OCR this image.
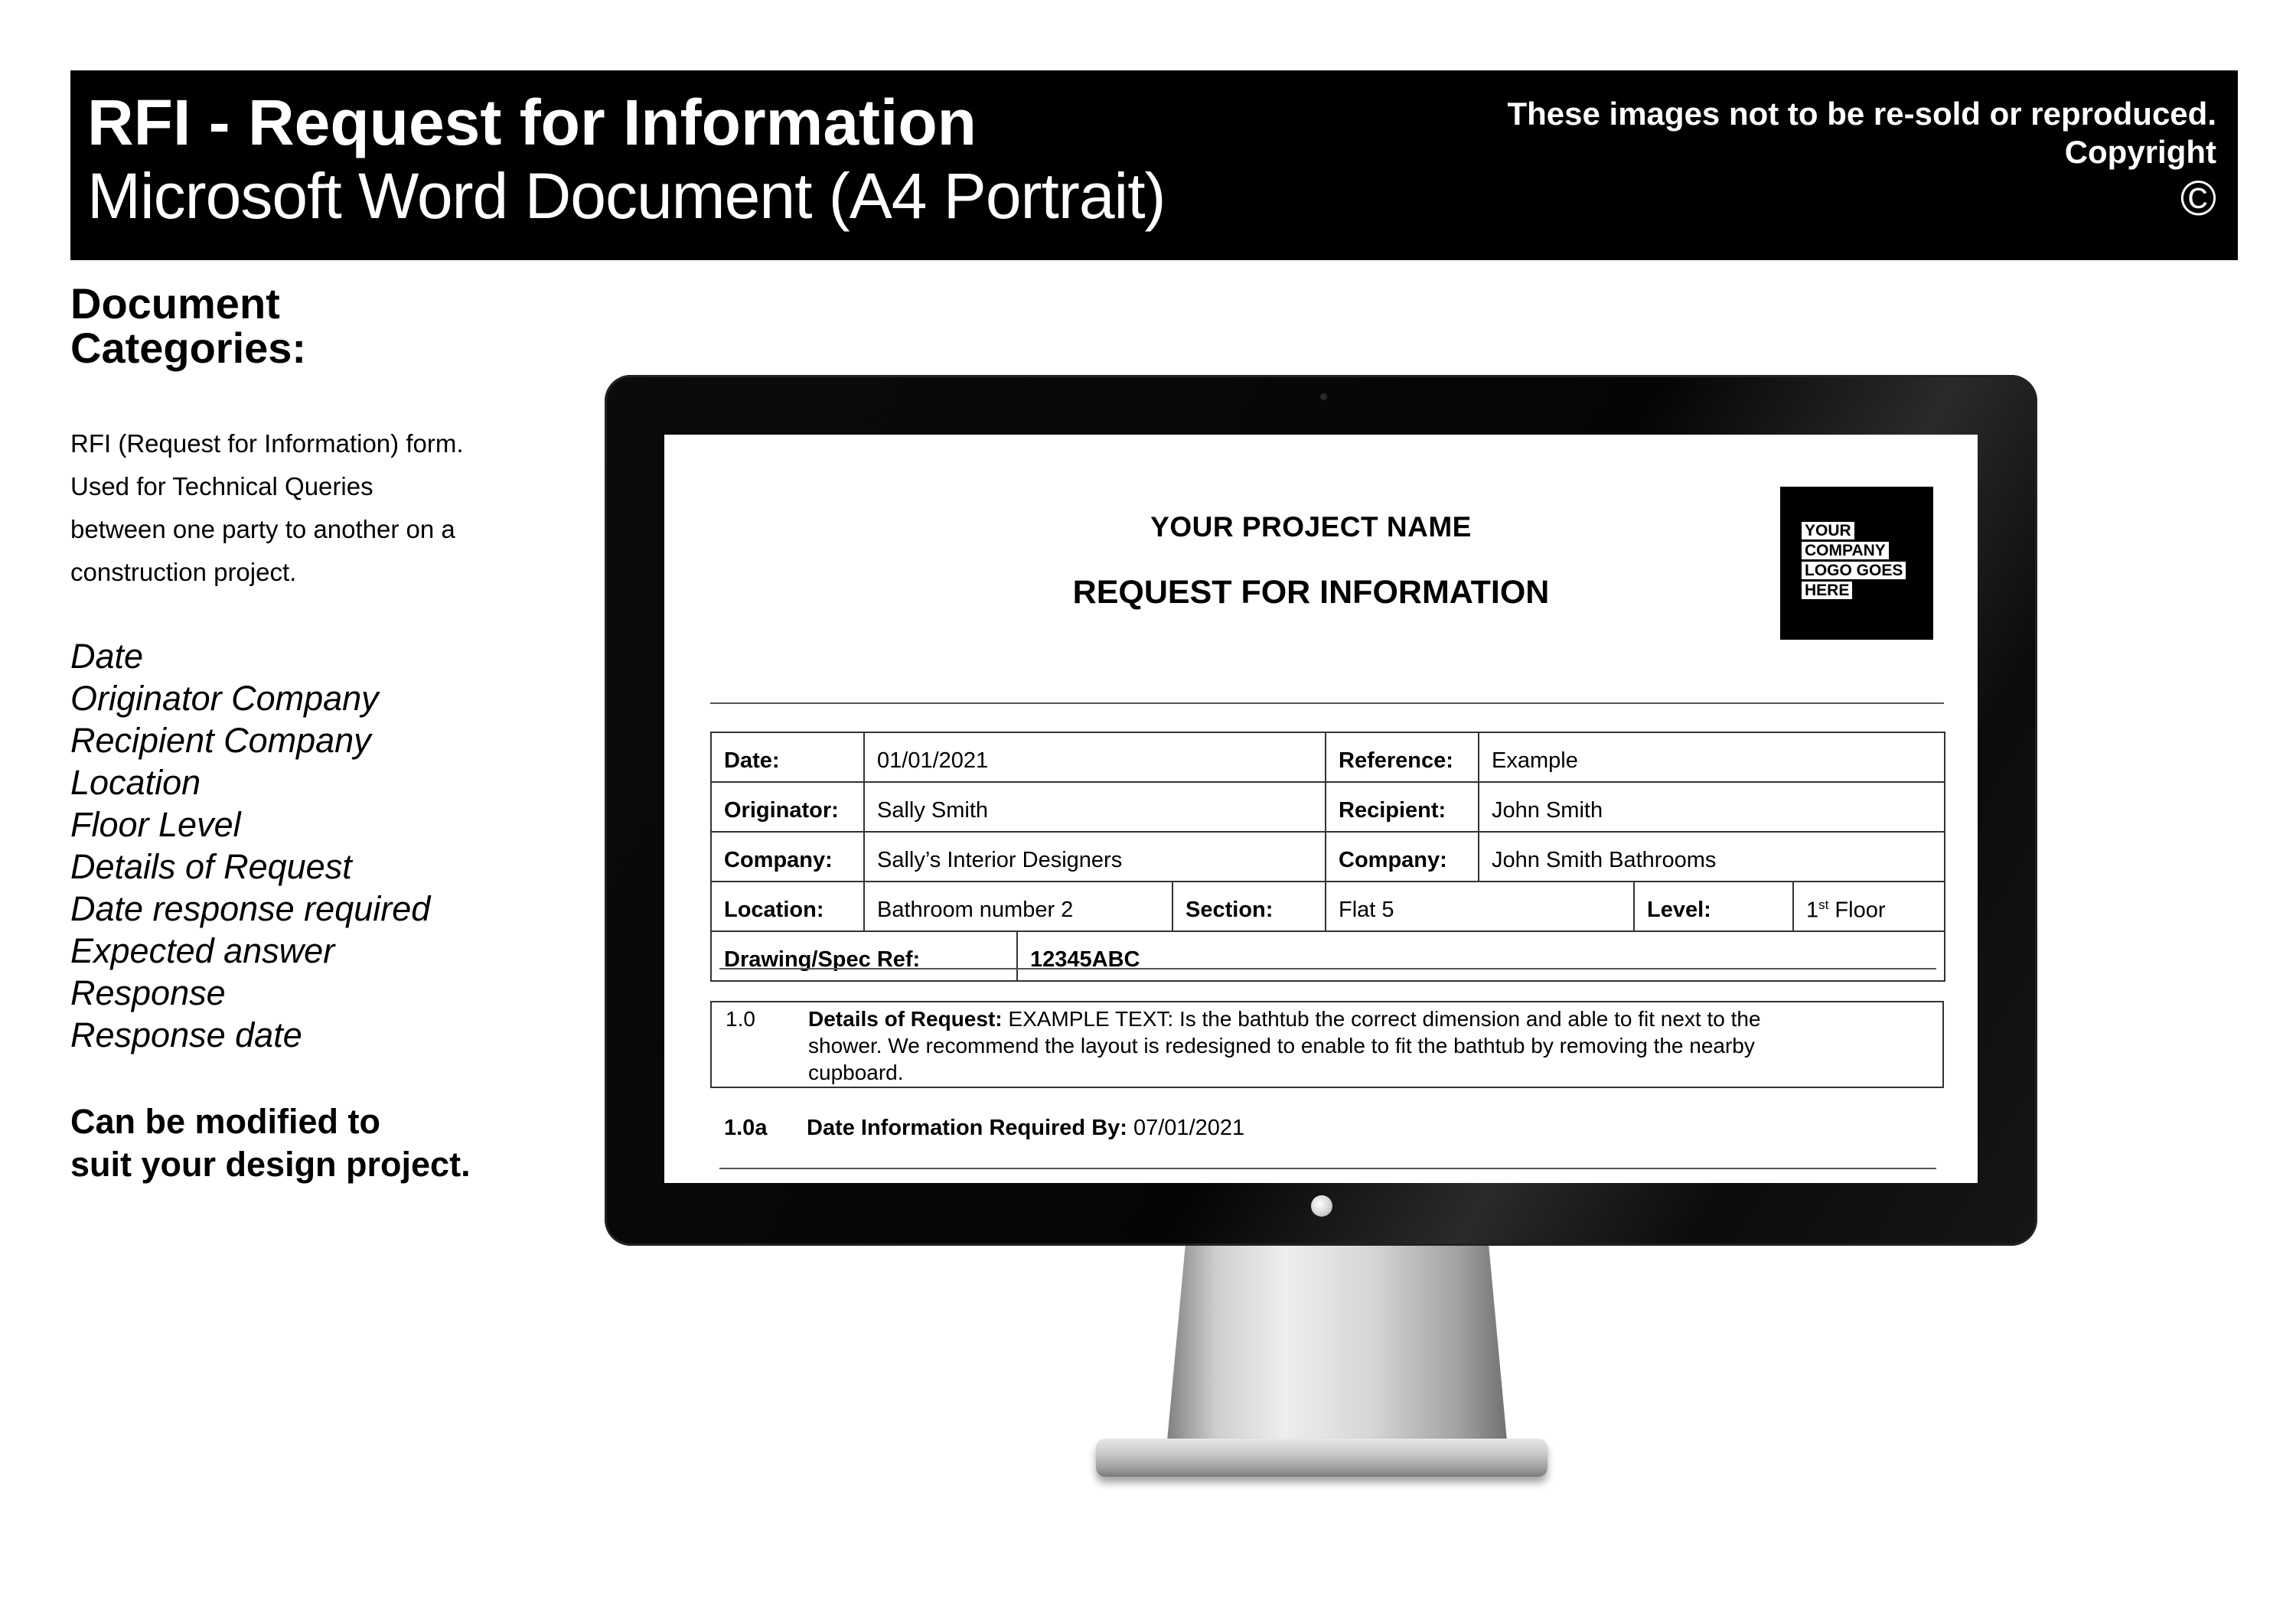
RFI - Request for Information
Microsoft Word Document (A4 Portrait)
These images not to be re-sold or reproduced.
Copyright
©
Document
Categories:
RFI (Request for Information) form.
Used for Technical Queries
between one party to another on a
construction project.
Date
Originator Company
Recipient Company
Location
Floor Level
Details of Request
Date response required
Expected answer
Response
Response date
Can be modified to
suit your design project.
YOUR PROJECT NAME
REQUEST FOR INFORMATION
YOUR
COMPANY
LOGO GOES
HERE
Date:	01/01/2021			Reference:	Example	
Originator:	Sally Smith			Recipient:	John Smith	
Company:	Sally’s Interior Designers			Company:	John Smith Bathrooms	
Location:	Bathroom number 2		Section:	Flat 5		Level: 1st Floor

Drawing/Spec Ref:		12345ABC				
1.0 Details of Request: EXAMPLE TEXT: Is the bathtub the correct dimension and able to fit next to the
shower. We recommend the layout is redesigned to enable to fit the bathtub by removing the nearby
cupboard.
1.0a Date Information Required By: 07/01/2021
